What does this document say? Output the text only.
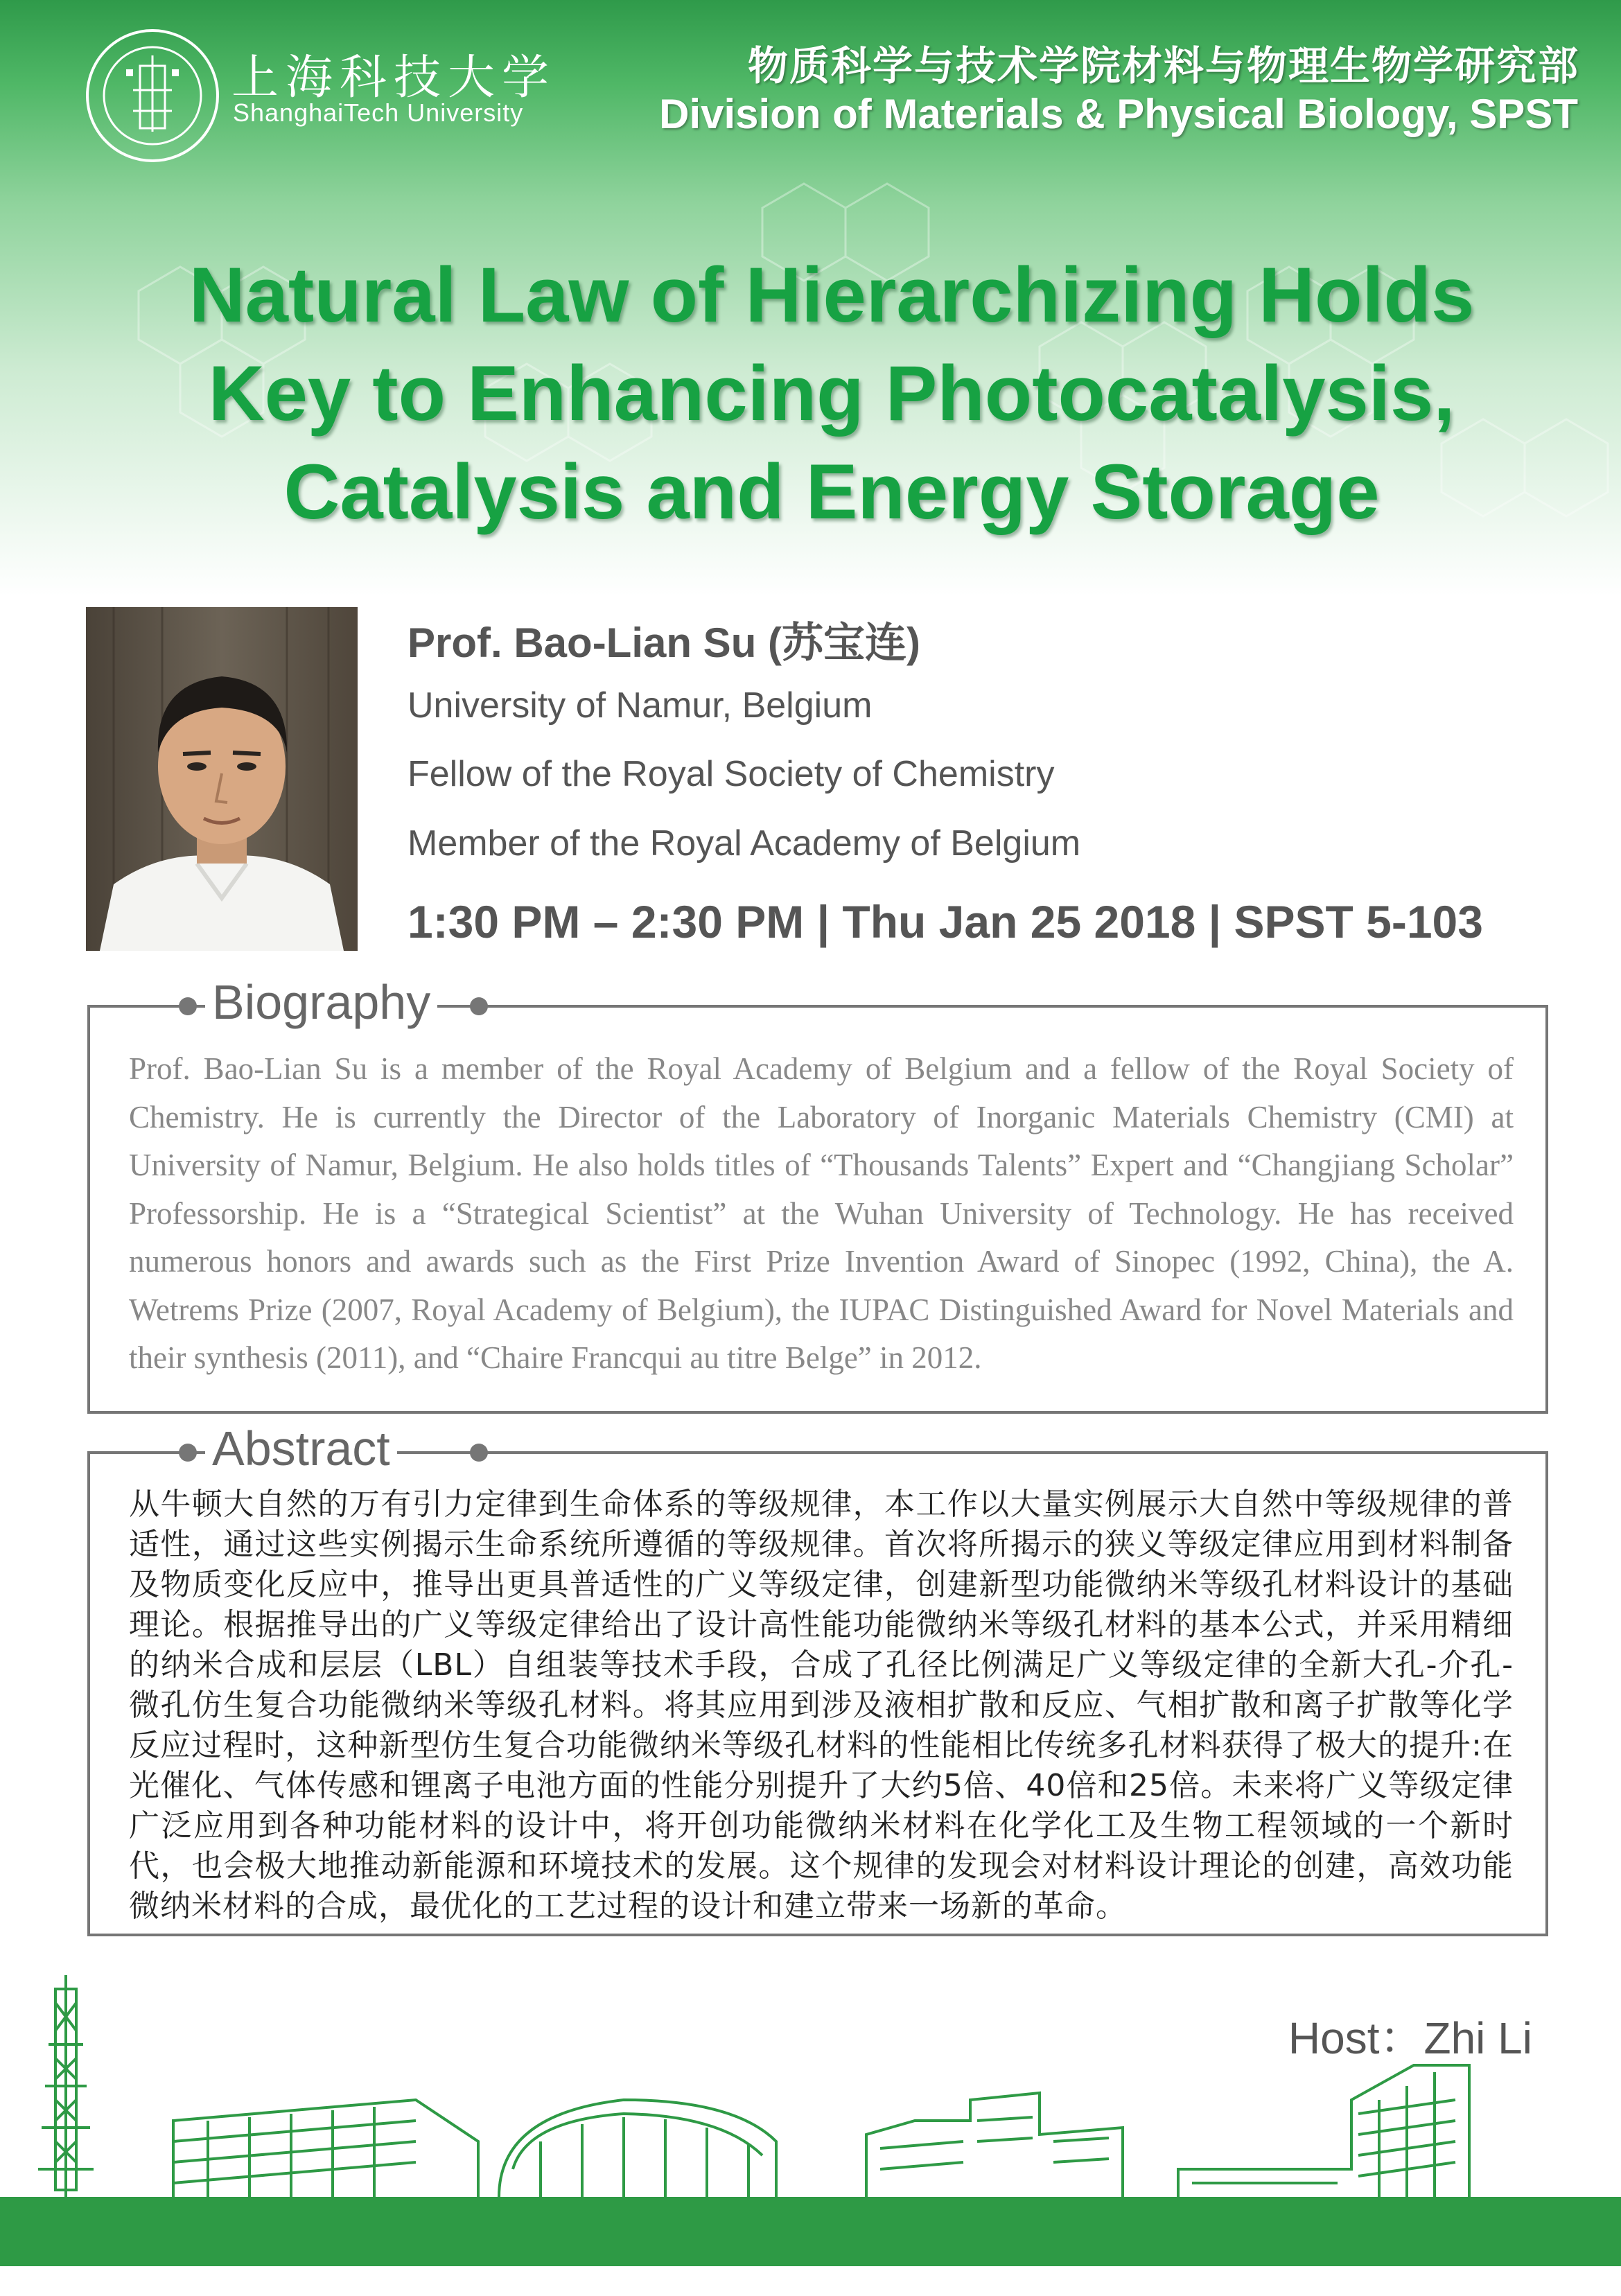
上海科技大学
ShanghaiTech University
物质科学与技术学院材料与物理生物学研究部
Division of Materials & Physical Biology, SPST
Natural Law of Hierarchizing Holds
Key to Enhancing Photocatalysis,
Catalysis and Energy Storage
Prof. Bao-Lian Su (苏宝连)
University of Namur, Belgium
Fellow of the Royal Society of Chemistry
Member of the Royal Academy of Belgium
1:30 PM – 2:30 PM | Thu Jan 25 2018 | SPST 5-103
Biography
Prof. Bao-Lian Su is a member of the Royal Academy of Belgium and a fellow of the Royal Society of Chemistry. He is currently the Director of the Laboratory of Inorganic Materials Chemistry (CMI) at University of Namur, Belgium. He also holds titles of “Thousands Talents” Expert and “Changjiang Scholar” Professorship. He is a “Strategical Scientist” at the Wuhan University of Technology. He has received numerous honors and awards such as the First Prize Invention Award of Sinopec (1992, China), the A. Wetrems Prize (2007, Royal Academy of Belgium), the IUPAC Distinguished Award for Novel Materials and their synthesis (2011), and “Chaire Francqui au titre Belge” in 2012.
Abstract
从牛顿大自然的万有引力定律到生命体系的等级规律，本工作以大量实例展示大自然中等级规律的普适性，通过这些实例揭示生命系统所遵循的等级规律。首次将所揭示的狭义等级定律应用到材料制备及物质变化反应中，推导出更具普适性的广义等级定律，创建新型功能微纳米等级孔材料设计的基础理论。根据推导出的广义等级定律给出了设计高性能功能微纳米等级孔材料的基本公式，并采用精细的纳米合成和层层（LBL）自组装等技术手段，合成了孔径比例满足广义等级定律的全新大孔-介孔-微孔仿生复合功能微纳米等级孔材料。将其应用到涉及液相扩散和反应、气相扩散和离子扩散等化学反应过程时，这种新型仿生复合功能微纳米等级孔材料的性能相比传统多孔材料获得了极大的提升:在光催化、气体传感和锂离子电池方面的性能分别提升了大约5倍、40倍和25倍。未来将广义等级定律广泛应用到各种功能材料的设计中，将开创功能微纳米材料在化学化工及生物工程领域的一个新时代，也会极大地推动新能源和环境技术的发展。这个规律的发现会对材料设计理论的创建，高效功能微纳米材料的合成，最优化的工艺过程的设计和建立带来一场新的革命。
Host：Zhi Li
